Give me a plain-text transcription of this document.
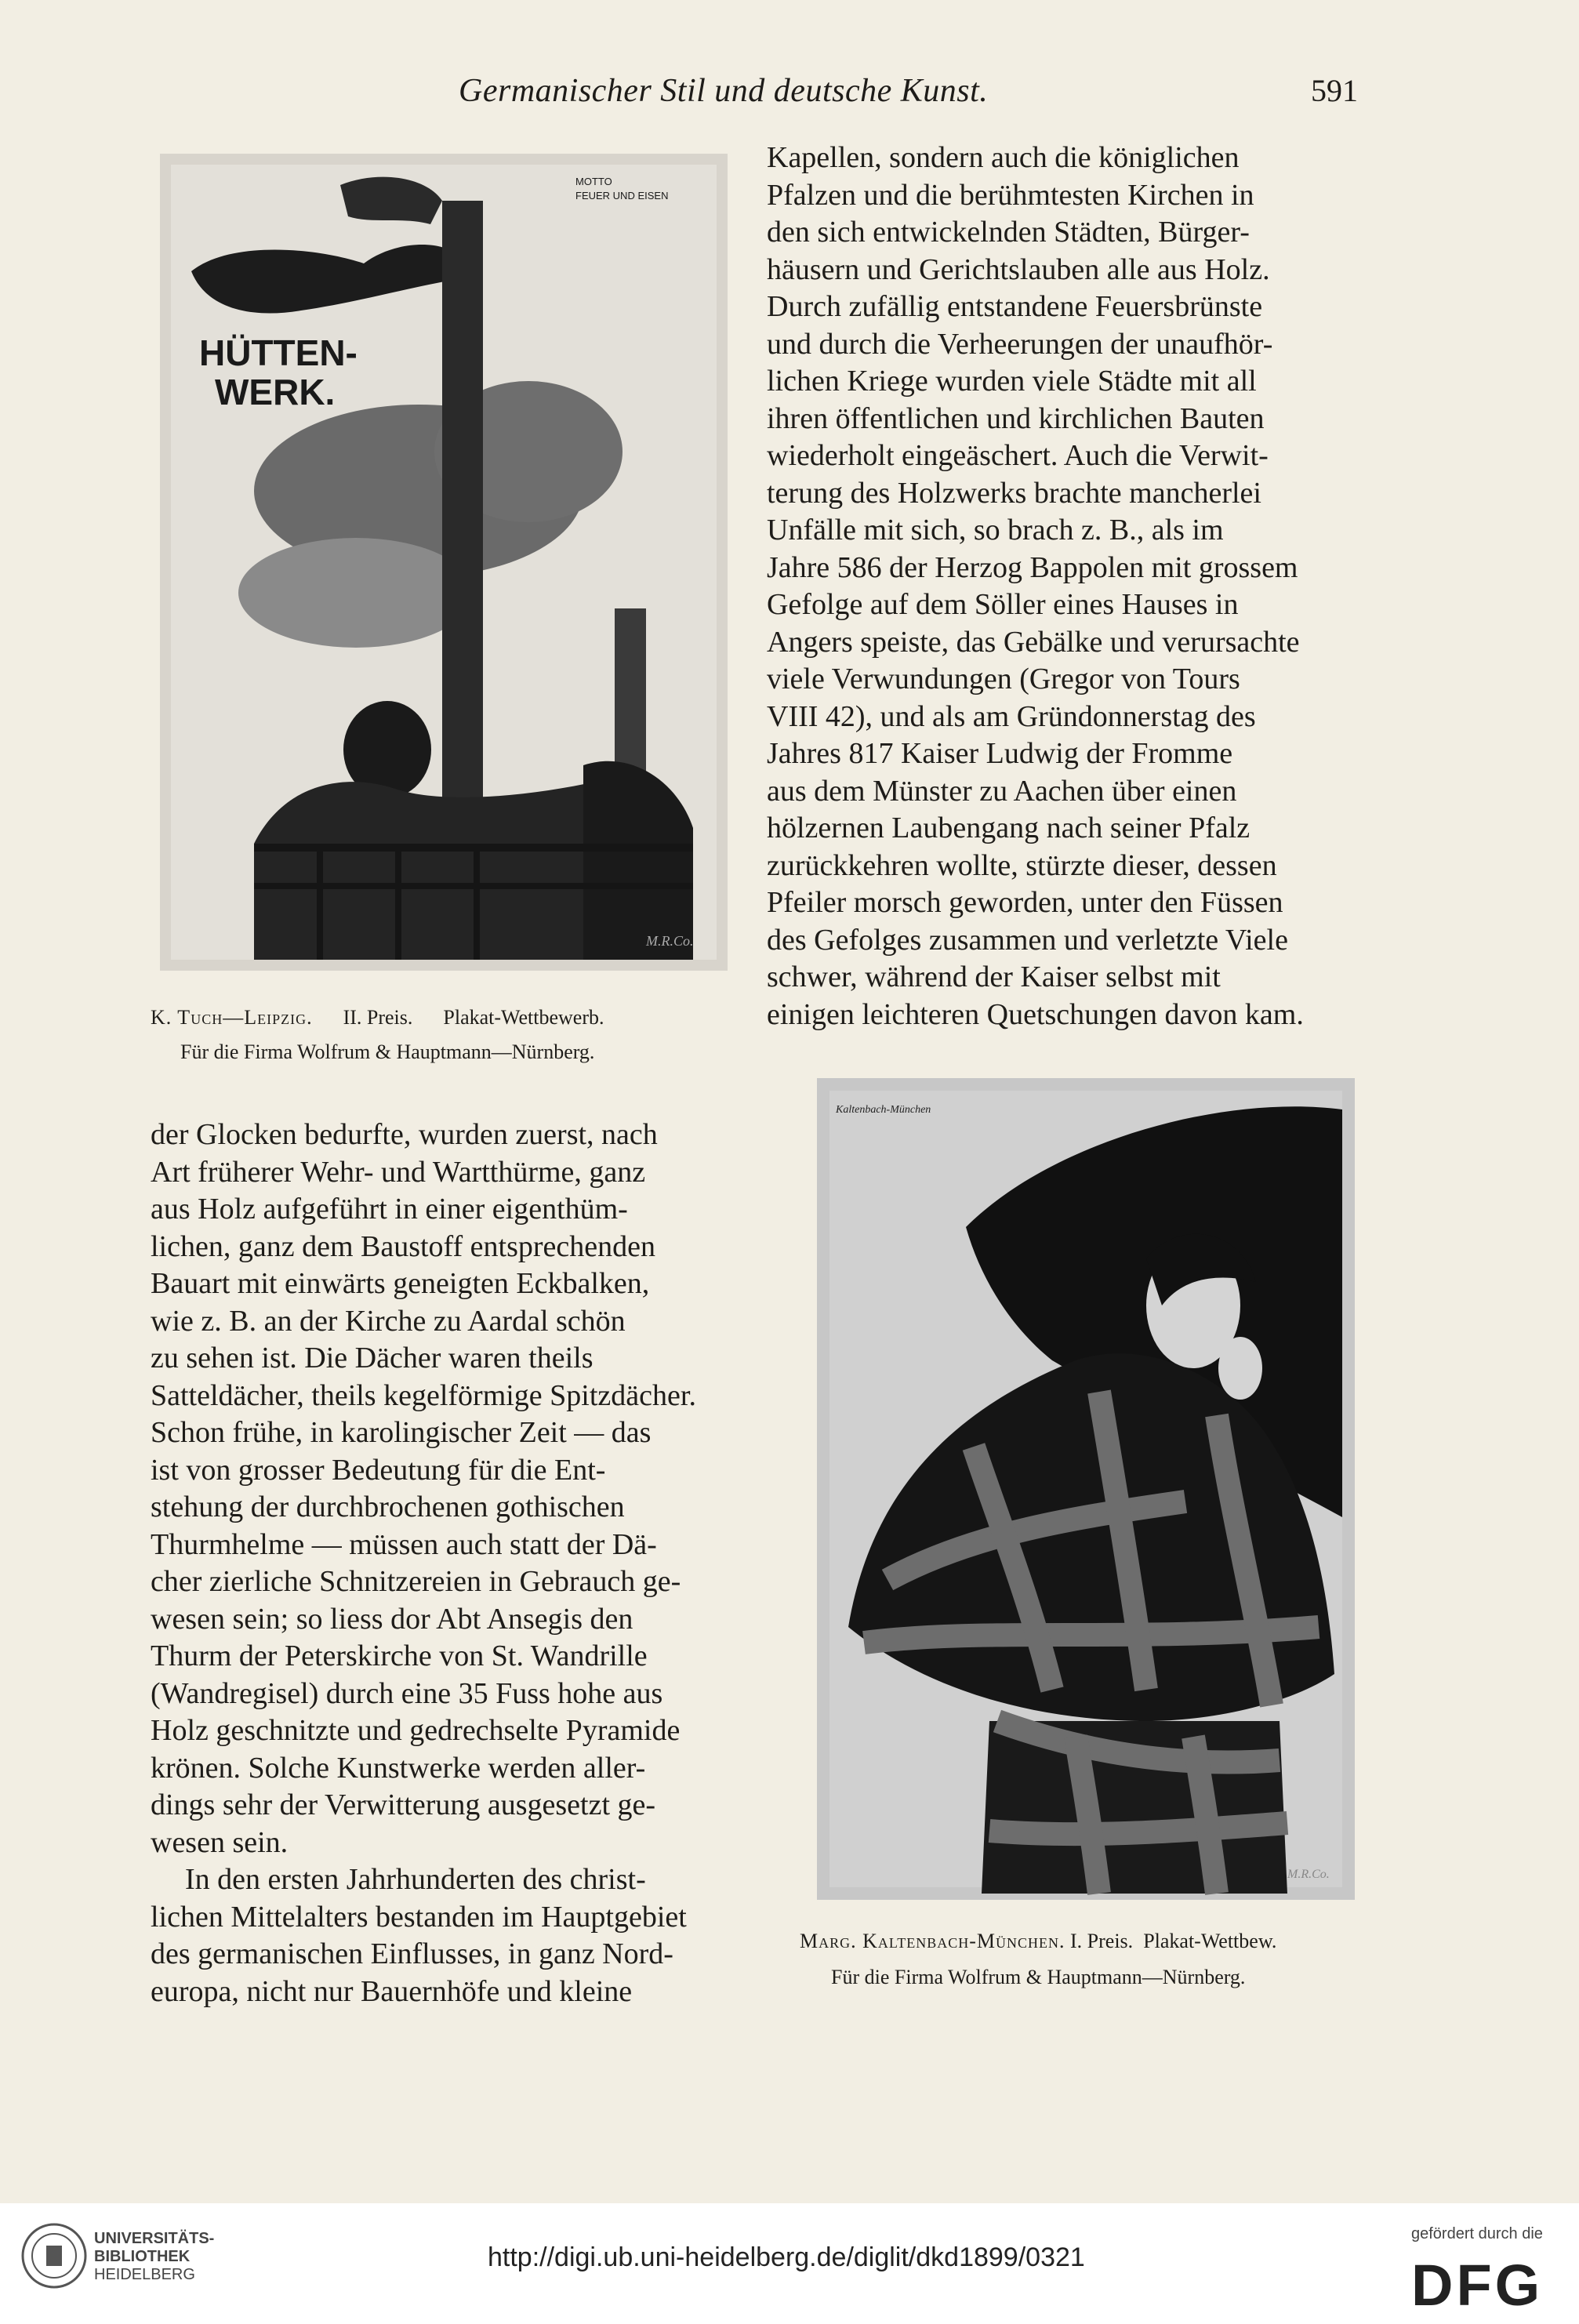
Germanischer Stil und deutsche Kunst.	591
HÜTTEN-
WERK.
MOTTO
FEUER UND EISEN
M.R.Co.
K. Tuch—Leipzig. II. Preis. Plakat-Wettbewerb.
Für die Firma Wolfrum & Hauptmann—Nürnberg.

Kapellen, sondern auch die königlichen

Pfalzen und die berühmtesten Kirchen in

den sich entwickelnden Städten, Bürger-

häusern und Gerichtslauben alle aus Holz.

Durch zufällig entstandene Feuersbrünste

und durch die Verheerungen der unaufhör-

lichen Kriege wurden viele Städte mit all

ihren öffentlichen und kirchlichen Bauten

wiederholt eingeäschert. Auch die Verwit-

terung des Holzwerks brachte mancherlei

Unfälle mit sich, so brach z. B., als im

Jahre 586 der Herzog Bappolen mit grossem

Gefolge auf dem Söller eines Hauses in

Angers speiste, das Gebälke und verursachte

viele Verwundungen (Gregor von Tours

VIII 42), und als am Gründonnerstag des

Jahres 817 Kaiser Ludwig der Fromme

aus dem Münster zu Aachen über einen

hölzernen Laubengang nach seiner Pfalz

zurückkehren wollte, stürzte dieser, dessen

Pfeiler morsch geworden, unter den Füssen

des Gefolges zusammen und verletzte Viele

schwer, während der Kaiser selbst mit

einigen leichteren Quetschungen davon kam.

Kaltenbach-München
M.R.Co.
Marg. Kaltenbach-München. I. Preis. Plakat-Wettbew.
Für die Firma Wolfrum & Hauptmann—Nürnberg.

der Glocken bedurfte, wurden zuerst, nach

Art früherer Wehr- und Wartthürme, ganz

aus Holz aufgeführt in einer eigenthüm-

lichen, ganz dem Baustoff entsprechenden

Bauart mit einwärts geneigten Eckbalken,

wie z. B. an der Kirche zu Aardal schön

zu sehen ist. Die Dächer waren theils

Satteldächer, theils kegelförmige Spitzdächer.

Schon frühe, in karolingischer Zeit — das

ist von grosser Bedeutung für die Ent-

stehung der durchbrochenen gothischen

Thurmhelme — müssen auch statt der Dä-

cher zierliche Schnitzereien in Gebrauch ge-

wesen sein; so liess dor Abt Ansegis den

Thurm der Peterskirche von St. Wandrille

(Wandregisel) durch eine 35 Fuss hohe aus

Holz geschnitzte und gedrechselte Pyramide

krönen. Solche Kunstwerke werden aller-

dings sehr der Verwitterung ausgesetzt ge-

wesen sein.

In den ersten Jahrhunderten des christ-

lichen Mittelalters bestanden im Hauptgebiet

des germanischen Einflusses, in ganz Nord-

europa, nicht nur Bauernhöfe und kleine

UNIVERSITÄTS-
BIBLIOTHEK
HEIDELBERG
http://digi.ub.uni-heidelberg.de/diglit/dkd1899/0321
gefördert durch die
DFG
